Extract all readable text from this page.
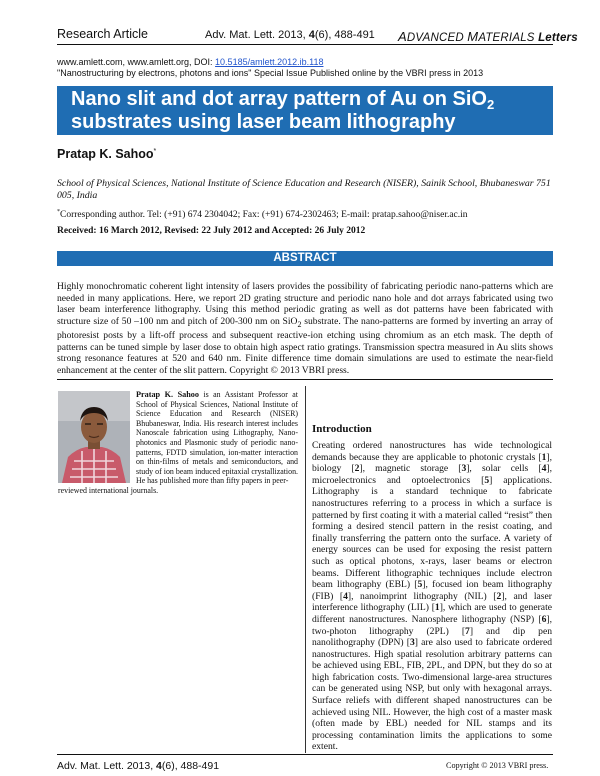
Research Article	Adv. Mat. Lett. 2013, 4(6), 488-491 ADVANCED MATERIALS Letters
www.amlett.com, www.amlett.org, DOI: 10.5185/amlett.2012.ib.118
"Nanostructuring by electrons, photons and ions" Special Issue Published online by the VBRI press in 2013
Nano slit and dot array pattern of Au on SiO$_2$
substrates using laser beam lithography
Pratap K. Sahoo*
School of Physical Sciences, National Institute of Science Education and Research (NISER), Sainik School, Bhubaneswar 751 005, India
*Corresponding author. Tel: (+91) 674 2304042; Fax: (+91) 674-2302463; E-mail: pratap.sahoo@niser.ac.in
Received: 16 March 2012, Revised: 22 July 2012 and Accepted: 26 July 2012
ABSTRACT
Highly monochromatic coherent light intensity of lasers provides the possibility of fabricating periodic nano-patterns which are needed in many applications. Here, we report 2D grating structure and periodic nano hole and dot arrays fabricated using two laser beam interference lithography. Using this method periodic grating as well as dot patterns have been fabricated with structure size of 50 –100 nm and pitch of 200-300 nm on SiO$_2$ substrate. The nano-patterns are formed by inverting an array of photoresist posts by a lift-off process and subsequent reactive-ion etching using chromium as an etch mask. The depth of patterns can be tuned simple by laser dose to obtain high aspect ratio gratings. Transmission spectra measured in Au slits shows strong resonance features at 520 and 640 nm. Finite difference time domain simulations are used to estimate the near-field enhancement at the center of the slit pattern. Copyright © 2013 VBRI press.
Pratap K. Sahoo is an Assistant Professor at School of Physical Sciences, National Institute of Science Education and Research (NISER) Bhubaneswar, India. His research interest includes Nanoscale fabrication using Lithography, Nano-photonics and Plasmonic study of periodic nano-patterns, FDTD simulation, ion-matter interaction on thin-films of metals and semiconductors, and study of ion beam induced epitaxial crystallization. He has published more than fifty papers in peer-
reviewed international journals.
Introduction
Creating ordered nanostructures has wide technological demands because they are applicable to photonic crystals [1], biology [2], magnetic storage [3], solar cells [4], microelectronics and optoelectronics [5] applications. Lithography is a standard technique to fabricate nanostructures referring to a process in which a surface is patterned by first coating it with a material called “resist” then forming a desired stencil pattern in the resist coating, and finally transferring the pattern onto the surface. A variety of energy sources can be used for exposing the resist pattern such as optical photons, x-rays, laser beams or electron beams. Different lithographic techniques include electron beam lithography (EBL) [5], focused ion beam lithography (FIB) [4], nanoimprint lithography (NIL) [2], and laser interference lithography (LIL) [1], which are used to generate different nanostructures. Nanosphere lithography (NSP) [6], two-photon lithography (2PL) [7] and dip pen nanolithography (DPN) [3] are also used to fabricate ordered nanostructures. High spatial resolution arbitrary patterns can be achieved using EBL, FIB, 2PL, and DPN, but they do so at high fabrication costs. Two-dimensional large-area structures can be generated using NSP, but only with hexagonal arrays. Surface reliefs with different shaped nanostructures can be achieved using NIL. However, the high cost of a master mask (often made by EBL) needed for NIL stamps and its processing contamination limits the applications to some extent.
Adv. Mat. Lett. 2013, 4(6), 488-491	Copyright © 2013 VBRI press.
